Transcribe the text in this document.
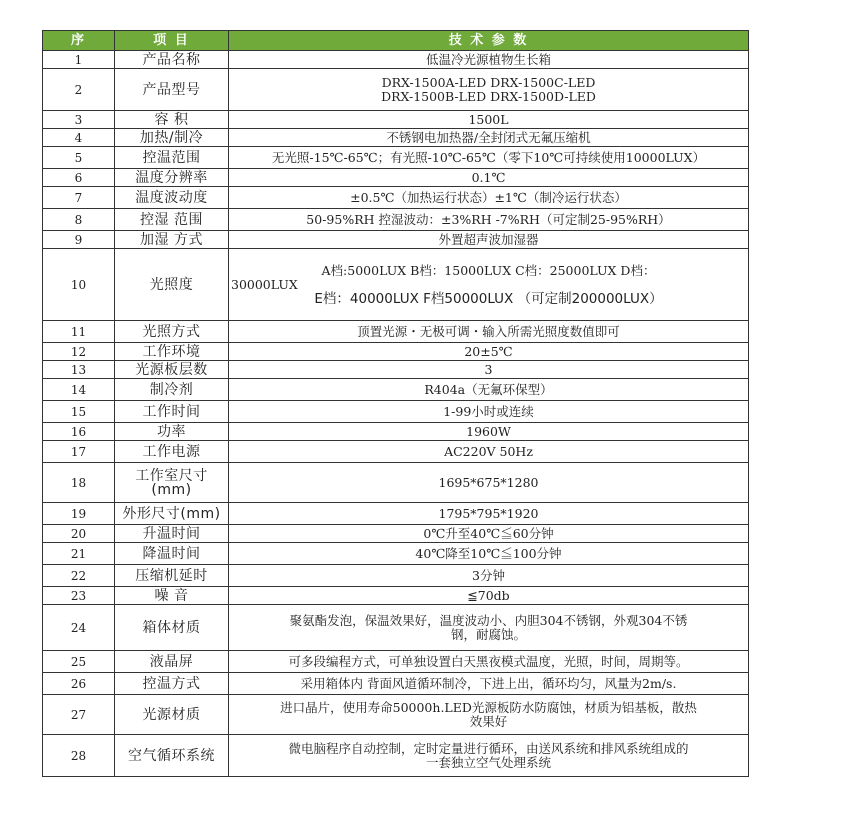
序	项 目	技 术 参 数
1	产品名称	低温冷光源植物生长箱

2	产品型号	DRX-1500A-LED DRX-1500C-LED
DRX-1500B-LED DRX-1500D-LED

3	容 积	1500L

4	加热/制冷	不锈钢电加热器/全封闭式无氟压缩机

5	控温范围	无光照-15℃-65℃；有光照-10℃-65℃（零下10℃可持续使用10000LUX）

6	温度分辨率	0.1℃

7	温度波动度	±0.5℃（加热运行状态）±1℃（制冷运行状态）

8	控湿 范围	50-95%RH 控湿波动：±3%RH -7%RH（可定制25-95%RH）

9	加湿 方式	外置超声波加湿器

10	光照度	A档:5000LUX B档：15000LUX C档：25000LUX D档：
30000LUX
E档：40000LUX F档50000LUX （可定制200000LUX）

11	光照方式	顶置光源・无极可调・输入所需光照度数值即可

12	工作环境	20±5℃

13	光源板层数	3

14	制冷剂	R404a（无氟环保型）

15	工作时间	1-99小时或连续

16	功率	1960W

17	工作电源	AC220V 50Hz

18	工作室尺寸
(mm)	1695*675*1280

19	外形尺寸(mm)	1795*795*1920

20	升温时间	0℃升至40℃≦60分钟

21	降温时间	40℃降至10℃≦100分钟

22	压缩机延时	3分钟

23	噪 音	≦70db

24	箱体材质	聚氨酯发泡，保温效果好，温度波动小、内胆304不锈钢，外观304不锈
钢，耐腐蚀。

25	液晶屏	可多段编程方式，可单独设置白天黑夜模式温度，光照，时间，周期等。

26	控温方式	采用箱体内 背面风道循环制冷，下进上出，循环均匀，风量为2m/s.

27	光源材质	进口晶片，使用寿命50000h.LED光源板防水防腐蚀，材质为铝基板，散热
效果好

28	空气循环系统	微电脑程序自动控制，定时定量进行循环，由送风系统和排风系统组成的
一套独立空气处理系统
